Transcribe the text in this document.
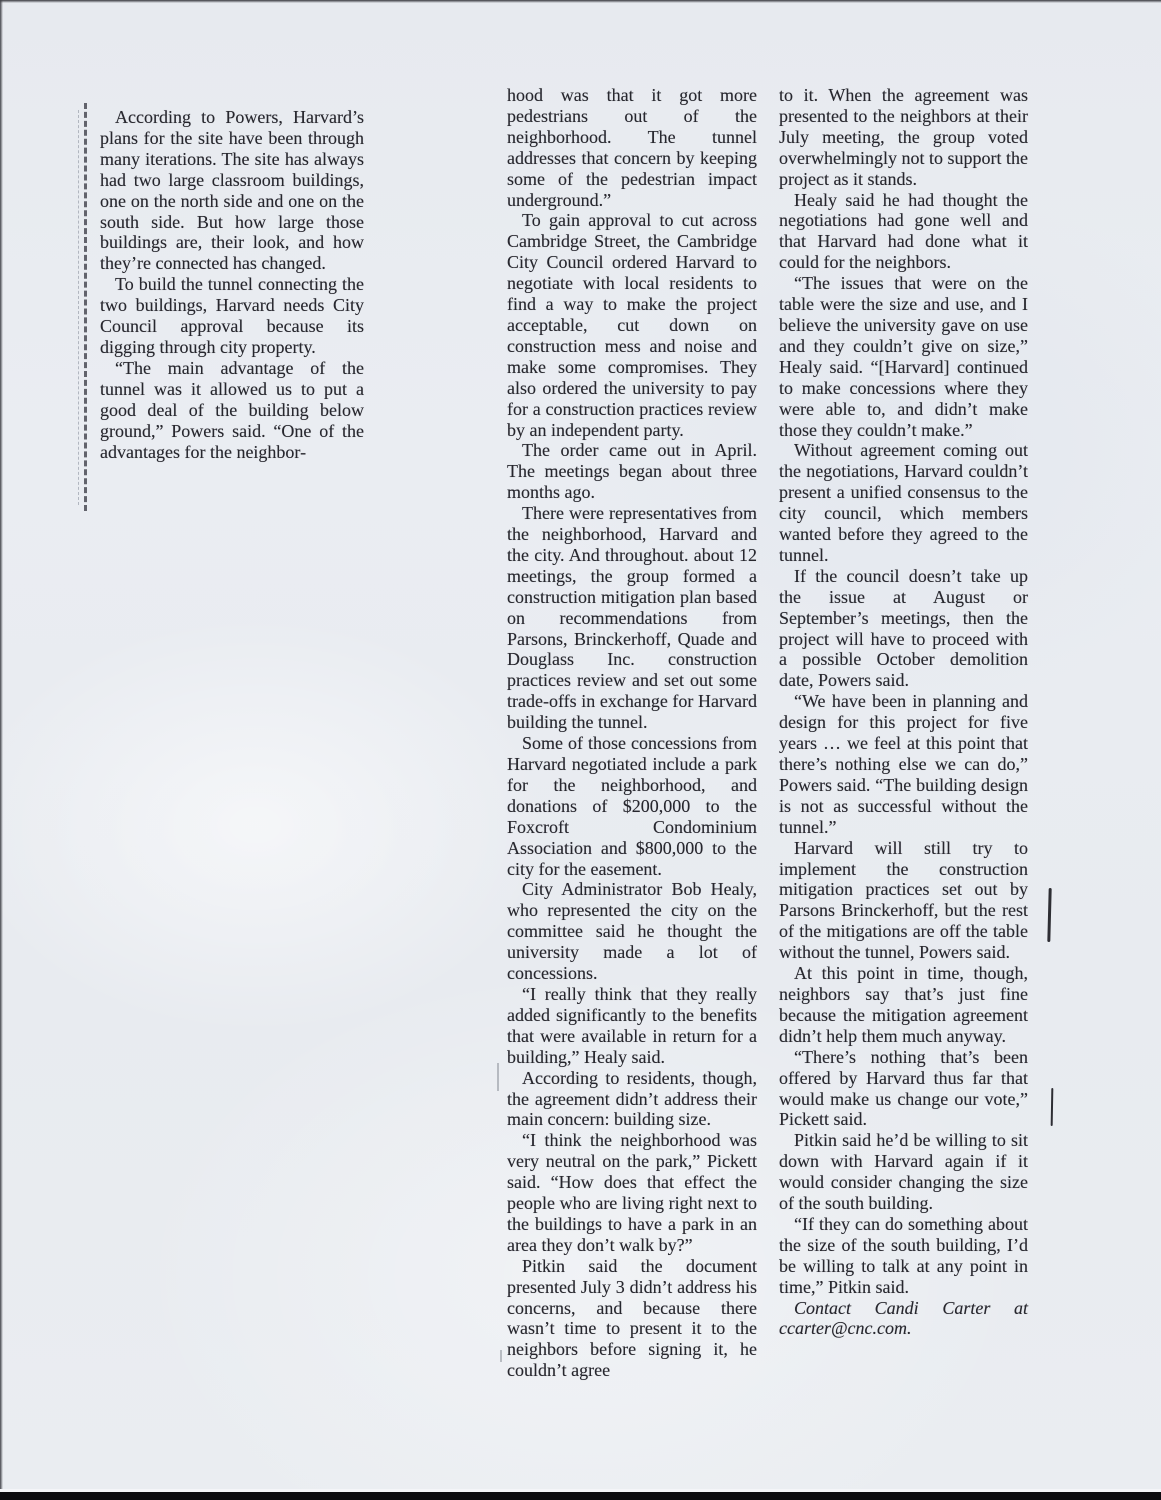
According to Powers, Harvard’s plans for the site have been through many iterations. The site has always had two large classroom buildings, one on the north side and one on the south side. But how large those buildings are, their look, and how they’re connected has changed.

To build the tunnel connecting the two buildings, Harvard needs City Council approval because its digging through city property.

“The main advantage of the tunnel was it allowed us to put a good deal of the building below ground,” Powers said. “One of the advantages for the neighbor-

hood was that it got more pedestrians out of the neighborhood. The tunnel addresses that concern by keeping some of the pedestrian impact underground.”

To gain approval to cut across Cambridge Street, the Cambridge City Council ordered Harvard to negotiate with local residents to find a way to make the project acceptable, cut down on construction mess and noise and make some compromises. They also ordered the university to pay for a construction practices review by an independent party.

The order came out in April. The meetings began about three months ago.

There were representatives from the neighborhood, Harvard and the city. And throughout. about 12 meetings, the group formed a construction mitigation plan based on recommendations from Parsons, Brinckerhoff, Quade and Douglass Inc. construction practices review and set out some trade-offs in exchange for Harvard building the tunnel.

Some of those concessions from Harvard negotiated include a park for the neighborhood, and donations of $200,000 to the Foxcroft Condominium Association and $800,000 to the city for the easement.

City Administrator Bob Healy, who represented the city on the committee said he thought the university made a lot of concessions.

“I really think that they really added significantly to the benefits that were available in return for a building,” Healy said.

According to residents, though, the agreement didn’t address their main concern: building size.

“I think the neighborhood was very neutral on the park,” Pickett said. “How does that effect the people who are living right next to the buildings to have a park in an area they don’t walk by?”

Pitkin said the document presented July 3 didn’t address his concerns, and because there wasn’t time to present it to the neighbors before signing it, he couldn’t agree

to it. When the agreement was presented to the neighbors at their July meeting, the group voted overwhelmingly not to support the project as it stands.

Healy said he had thought the negotiations had gone well and that Harvard had done what it could for the neighbors.

“The issues that were on the table were the size and use, and I believe the university gave on use and they couldn’t give on size,” Healy said. “[Harvard] continued to make concessions where they were able to, and didn’t make those they couldn’t make.”

Without agreement coming out the negotiations, Harvard couldn’t present a unified consensus to the city council, which members wanted before they agreed to the tunnel.

If the council doesn’t take up the issue at August or September’s meetings, then the project will have to proceed with a possible October demolition date, Powers said.

“We have been in planning and design for this project for five years … we feel at this point that there’s nothing else we can do,” Powers said. “The building design is not as successful without the tunnel.”

Harvard will still try to implement the construction mitigation practices set out by Parsons Brinckerhoff, but the rest of the mitigations are off the table without the tunnel, Powers said.

At this point in time, though, neighbors say that’s just fine because the mitigation agreement didn’t help them much anyway.

“There’s nothing that’s been offered by Harvard thus far that would make us change our vote,” Pickett said.

Pitkin said he’d be willing to sit down with Harvard again if it would consider changing the size of the south building.

“If they can do something about the size of the south building, I’d be willing to talk at any point in time,” Pitkin said.

Contact Candi Carter at ccarter@cnc.com.
